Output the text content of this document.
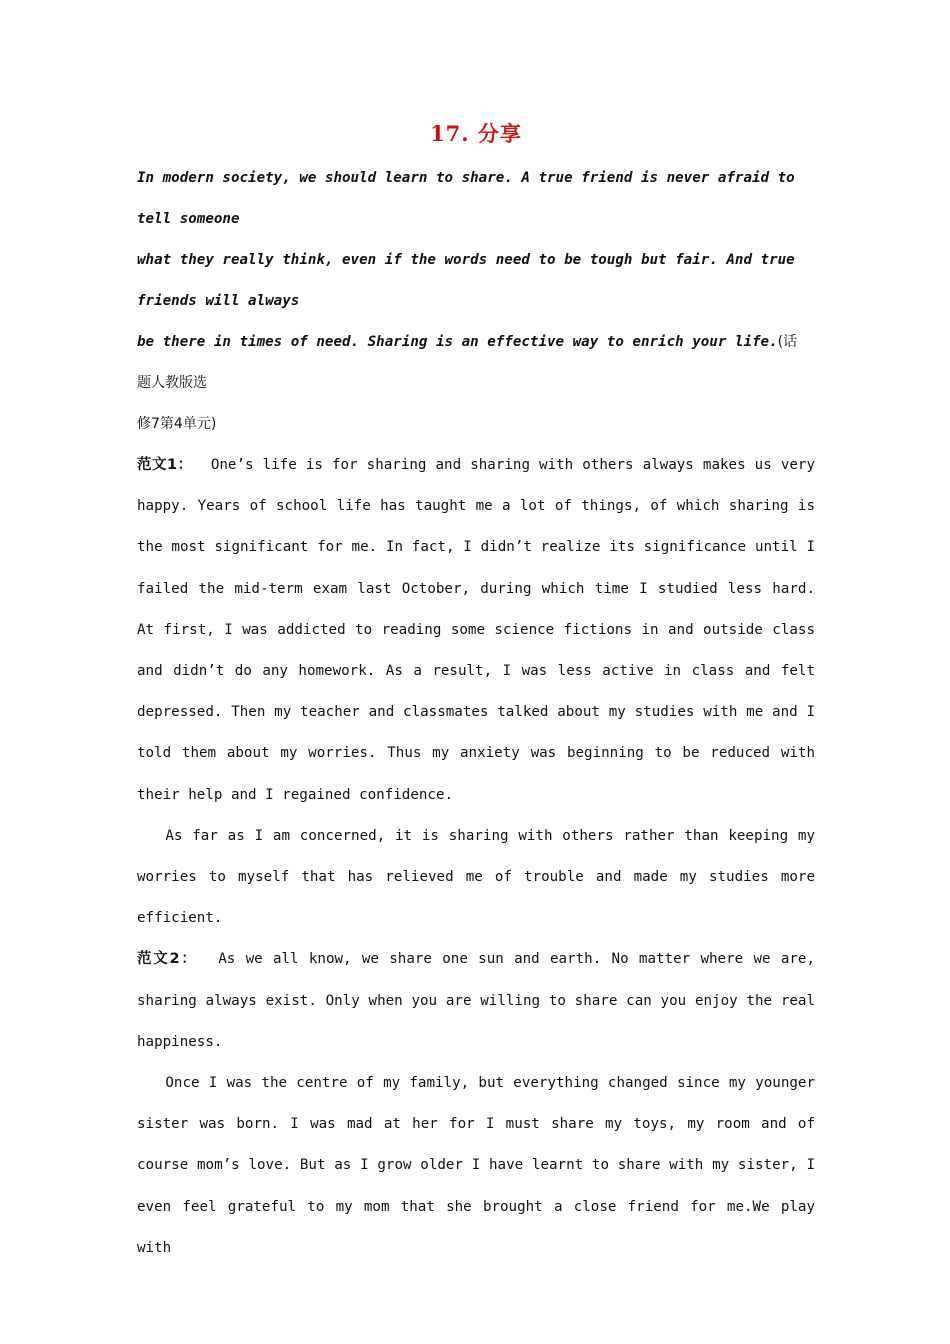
17. 分享

In modern society, we should learn to share. A true friend is never afraid to

tell someone

what they really think, even if the words need to be tough but fair. And true

friends will always

be there in times of need. Sharing is an effective way to enrich your life.(话

题人教版选

修7第4单元)

范文1： One’s life is for sharing and sharing with others always makes us very happy. Years of school life has taught me a lot of things, of which sharing is the most significant for me. In fact, I didn’t realize its significance until I failed the mid-term exam last October, during which time I studied less hard. At first, I was addicted to reading some science fictions in and outside class and didn’t do any homework. As a result, I was less active in class and felt depressed. Then my teacher and classmates talked about my studies with me and I told them about my worries. Thus my anxiety was beginning to be reduced with their help and I regained confidence.

As far as I am concerned, it is sharing with others rather than keeping my worries to myself that has relieved me of trouble and made my studies more efficient.

范文2： As we all know, we share one sun and earth. No matter where we are, sharing always exist. Only when you are willing to share can you enjoy the real happiness.

Once I was the centre of my family, but everything changed since my younger sister was born. I was mad at her for I must share my toys, my room and of course mom’s love. But as I grow older I have learnt to share with my sister, I even feel grateful to my mom that she brought a close friend for me.We play with
